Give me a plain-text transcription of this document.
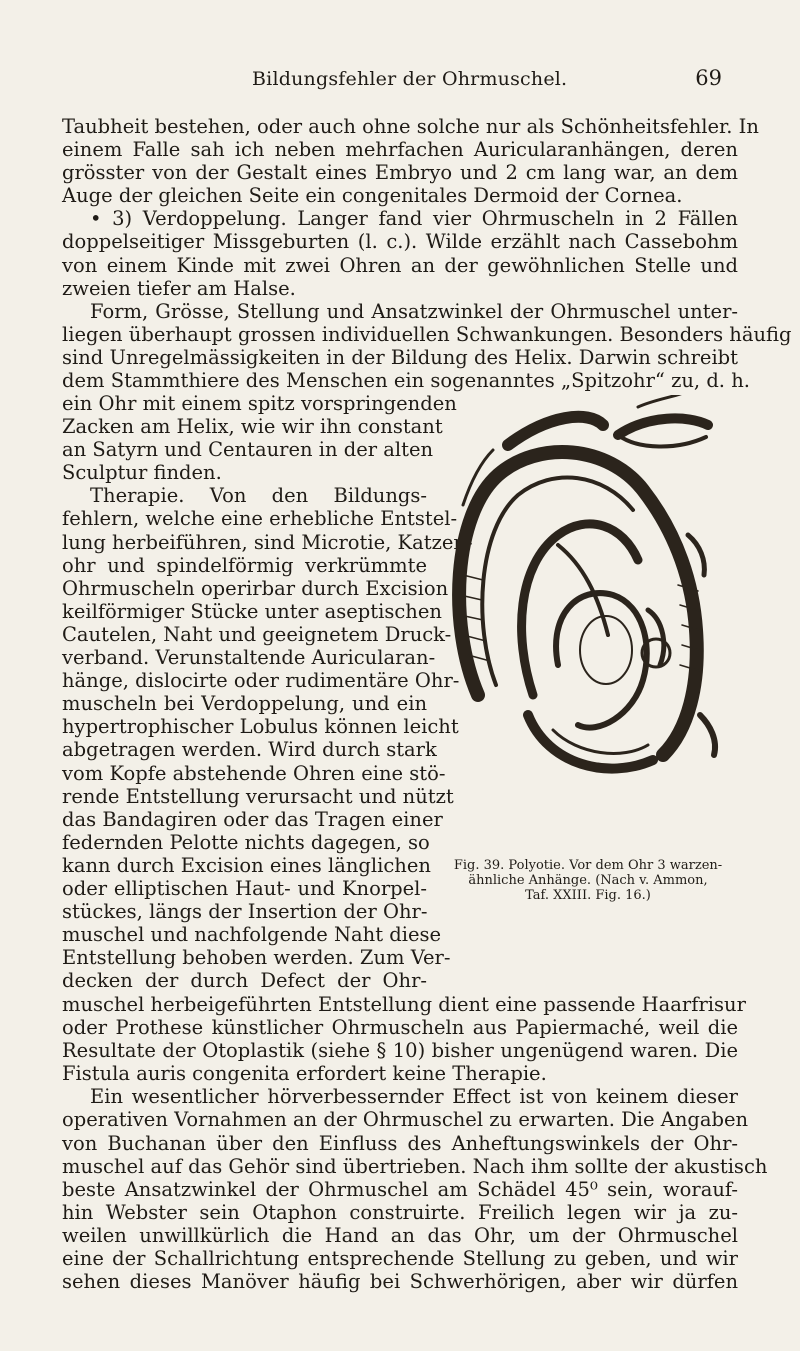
Bildungsfehler der Ohrmuschel.	69
Taubheit bestehen, oder auch ohne solche nur als Schönheitsfehler. In
einem Falle sah ich neben mehrfachen Auricularanhängen, deren
grösster von der Gestalt eines Embryo und 2 cm lang war, an dem
Auge der gleichen Seite ein congenitales Dermoid der Cornea.
• 3) Verdoppelung. Langer fand vier Ohrmuscheln in 2 Fällen
doppelseitiger Missgeburten (l. c.). Wilde erzählt nach Cassebohm
von einem Kinde mit zwei Ohren an der gewöhnlichen Stelle und
zweien tiefer am Halse.
Form, Grösse, Stellung und Ansatzwinkel der Ohrmuschel unter-
liegen überhaupt grossen individuellen Schwankungen. Besonders häufig
sind Unregelmässigkeiten in der Bildung des Helix. Darwin schreibt
dem Stammthiere des Menschen ein sogenanntes „Spitzohr“ zu, d. h.
ein Ohr mit einem spitz vorspringenden
Zacken am Helix, wie wir ihn constant
an Satyrn und Centauren in der alten
Sculptur finden.
Therapie. Von den Bildungs-
fehlern, welche eine erhebliche Entstel-
lung herbeiführen, sind Microtie, Katzen-
ohr und spindelförmig verkrümmte
Ohrmuscheln operirbar durch Excision
keilförmiger Stücke unter aseptischen
Cautelen, Naht und geeignetem Druck-
verband. Verunstaltende Auricularan-
hänge, dislocirte oder rudimentäre Ohr-
muscheln bei Verdoppelung, und ein
hypertrophischer Lobulus können leicht
abgetragen werden. Wird durch stark
vom Kopfe abstehende Ohren eine stö-
rende Entstellung verursacht und nützt
das Bandagiren oder das Tragen einer
federnden Pelotte nichts dagegen, so
kann durch Excision eines länglichen
oder elliptischen Haut- und Knorpel-
stückes, längs der Insertion der Ohr-
muschel und nachfolgende Naht diese
Entstellung behoben werden. Zum Ver-
decken der durch Defect der Ohr-
muschel herbeigeführten Entstellung dient eine passende Haarfrisur
oder Prothese künstlicher Ohrmuscheln aus Papiermaché, weil die
Resultate der Otoplastik (siehe § 10) bisher ungenügend waren. Die
Fistula auris congenita erfordert keine Therapie.
Ein wesentlicher hörverbessernder Effect ist von keinem dieser
operativen Vornahmen an der Ohrmuschel zu erwarten. Die Angaben
von Buchanan über den Einfluss des Anheftungswinkels der Ohr-
muschel auf das Gehör sind übertrieben. Nach ihm sollte der akustisch
beste Ansatzwinkel der Ohrmuschel am Schädel 45⁰ sein, worauf-
hin Webster sein Otaphon construirte. Freilich legen wir ja zu-
weilen unwillkürlich die Hand an das Ohr, um der Ohrmuschel
eine der Schallrichtung entsprechende Stellung zu geben, und wir
sehen dieses Manöver häufig bei Schwerhörigen, aber wir dürfen
Fig. 39. Polyotie. Vor dem Ohr 3 warzen-
ähnliche Anhänge. (Nach v. Ammon,
Taf. XXIII. Fig. 16.)
